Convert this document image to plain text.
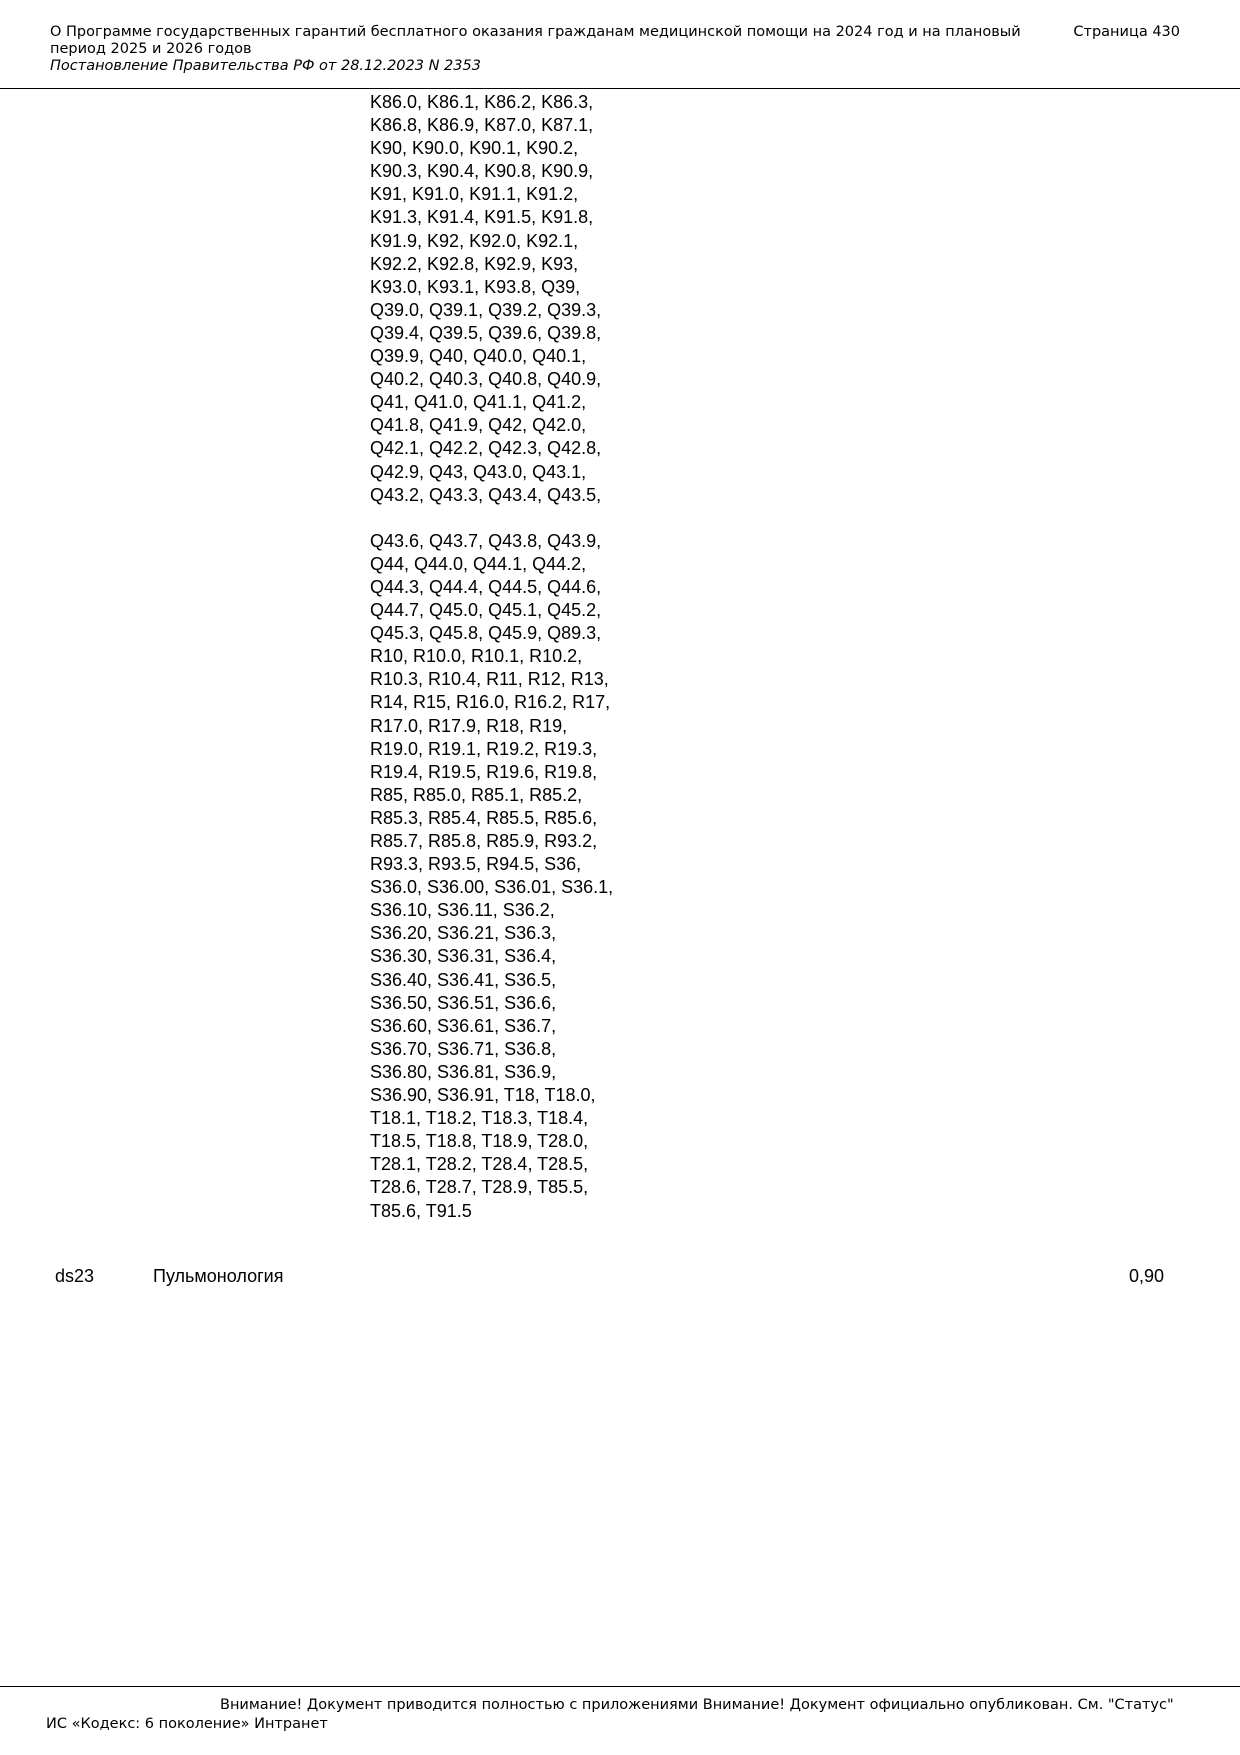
О Программе государственных гарантий бесплатного оказания гражданам медицинской помощи на 2024 год и на плановый период 2025 и 2026 годов

Постановление Правительства РФ от 28.12.2023 N 2353

Страница 430
K86.0, K86.1, K86.2, K86.3,
K86.8, K86.9, K87.0, K87.1,
K90, K90.0, K90.1, K90.2,
K90.3, K90.4, K90.8, K90.9,
K91, K91.0, K91.1, K91.2,
K91.3, K91.4, K91.5, K91.8,
K91.9, K92, K92.0, K92.1,
K92.2, K92.8, K92.9, K93,
K93.0, K93.1, K93.8, Q39,
Q39.0, Q39.1, Q39.2, Q39.3,
Q39.4, Q39.5, Q39.6, Q39.8,
Q39.9, Q40, Q40.0, Q40.1,
Q40.2, Q40.3, Q40.8, Q40.9,
Q41, Q41.0, Q41.1, Q41.2,
Q41.8, Q41.9, Q42, Q42.0,
Q42.1, Q42.2, Q42.3, Q42.8,
Q42.9, Q43, Q43.0, Q43.1,
Q43.2, Q43.3, Q43.4, Q43.5,
Q43.6, Q43.7, Q43.8, Q43.9,
Q44, Q44.0, Q44.1, Q44.2,
Q44.3, Q44.4, Q44.5, Q44.6,
Q44.7, Q45.0, Q45.1, Q45.2,
Q45.3, Q45.8, Q45.9, Q89.3,
R10, R10.0, R10.1, R10.2,
R10.3, R10.4, R11, R12, R13,
R14, R15, R16.0, R16.2, R17,
R17.0, R17.9, R18, R19,
R19.0, R19.1, R19.2, R19.3,
R19.4, R19.5, R19.6, R19.8,
R85, R85.0, R85.1, R85.2,
R85.3, R85.4, R85.5, R85.6,
R85.7, R85.8, R85.9, R93.2,
R93.3, R93.5, R94.5, S36,
S36.0, S36.00, S36.01, S36.1,
S36.10, S36.11, S36.2,
S36.20, S36.21, S36.3,
S36.30, S36.31, S36.4,
S36.40, S36.41, S36.5,
S36.50, S36.51, S36.6,
S36.60, S36.61, S36.7,
S36.70, S36.71, S36.8,
S36.80, S36.81, S36.9,
S36.90, S36.91, T18, T18.0,
T18.1, T18.2, T18.3, T18.4,
T18.5, T18.8, T18.9, T28.0,
T28.1, T28.2, T28.4, T28.5,
T28.6, T28.7, T28.9, T85.5,
T85.6, T91.5
ds23	Пульмонология	0,90
Внимание! Документ приводится полностью с приложениями Внимание! Документ официально опубликован. См. "Статус"
ИС «Кодекс: 6 поколение» Интранет
